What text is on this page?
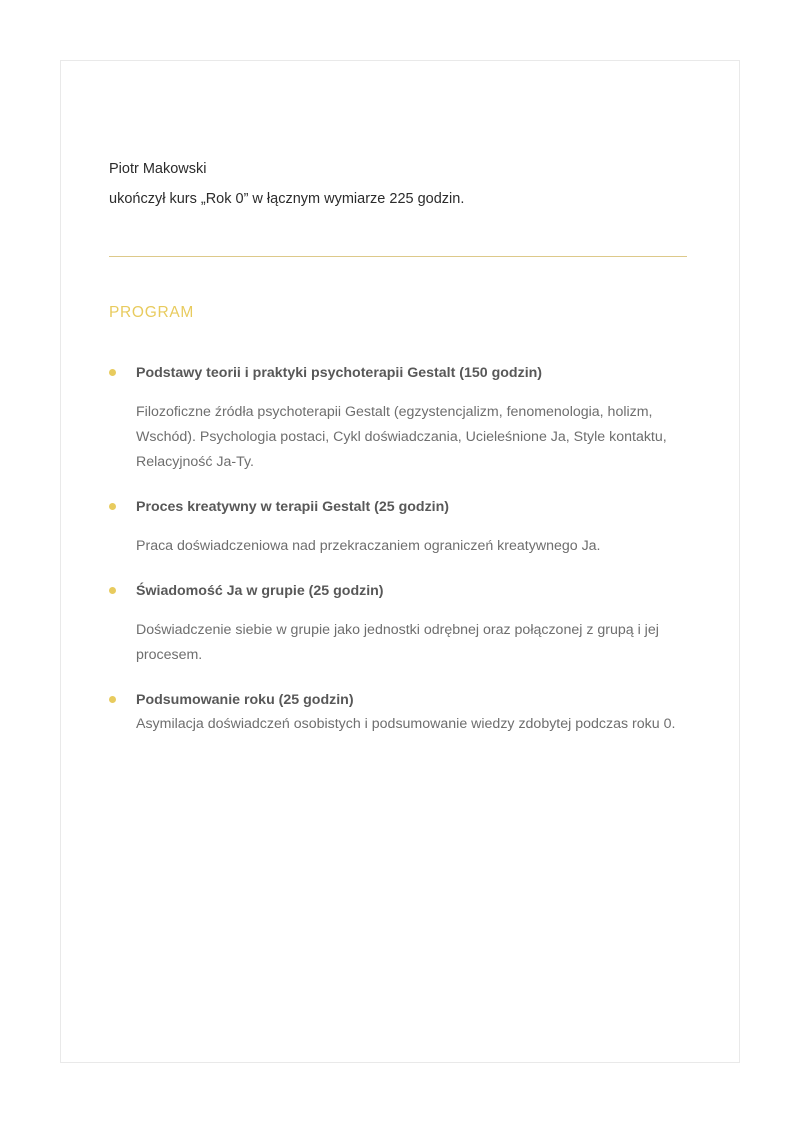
Piotr Makowski
ukończył kurs „Rok 0” w łącznym wymiarze 225 godzin.
PROGRAM
Podstawy teorii i praktyki psychoterapii Gestalt (150 godzin)
Filozoficzne źródła psychoterapii Gestalt (egzystencjalizm, fenomenologia, holizm, Wschód). Psychologia postaci, Cykl doświadczania, Ucieleśnione Ja, Style kontaktu, Relacyjność Ja-Ty.
Proces kreatywny w terapii Gestalt (25 godzin)
Praca doświadczeniowa nad przekraczaniem ograniczeń kreatywnego Ja.
Świadomość Ja w grupie (25 godzin)
Doświadczenie siebie w grupie jako jednostki odrębnej oraz połączonej z grupą i jej procesem.
Podsumowanie roku (25 godzin)
Asymilacja doświadczeń osobistych i podsumowanie wiedzy zdobytej podczas roku 0.
